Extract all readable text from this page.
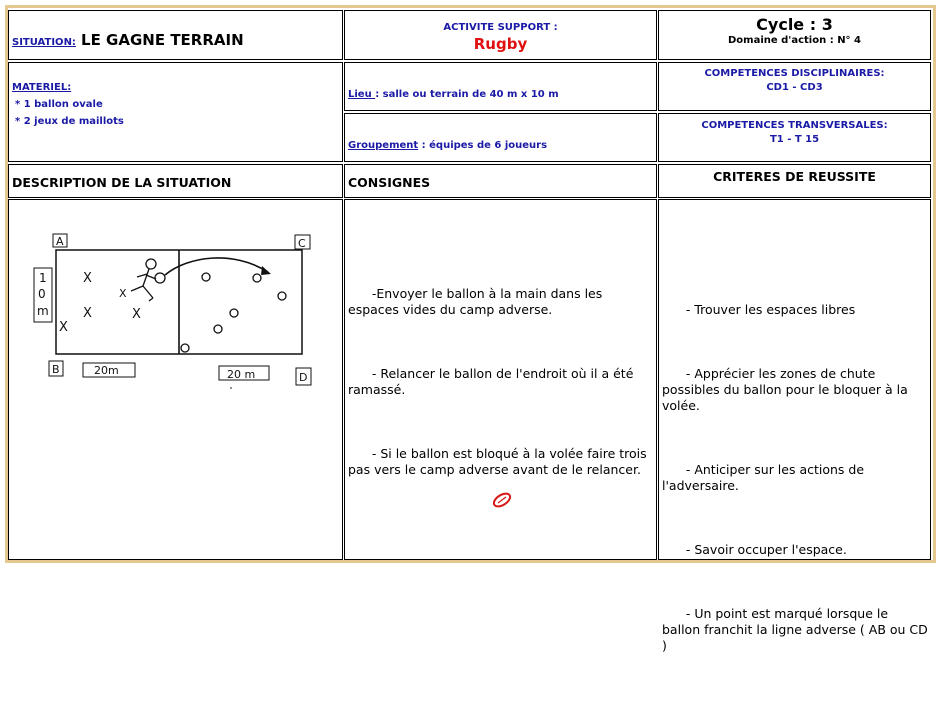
SITUATION: LE GAGNE TERRAIN
ACTIVITE SUPPORT :
Rugby
Cycle : 3
Domaine d'action : N° 4
MATERIEL:
* 1 ballon ovale
* 2 jeux de maillots
Lieu : salle ou terrain de 40 m x 10 m
Groupement : équipes de 6 joueurs
COMPETENCES DISCIPLINAIRES:
CD1 - CD3
COMPETENCES TRANSVERSALES:
T1 - T 15
DESCRIPTION DE LA SITUATION	CONSIGNES	CRITERES DE REUSSITE
A	C
B
D
1
0
m
20m	20 m
X
X	X
X
X

	-Envoyer le ballon à la main dans les espaces vides du camp adverse.

- Relancer le ballon de l'endroit où il a été ramassé.

- Si le ballon est bloqué à la volée faire trois pas vers le camp adverse avant de le relancer.

- Trouver les espaces libres

- Apprécier les zones de chute possibles du ballon pour le bloquer à la volée.

- Anticiper sur les actions de l'adversaire.

- Savoir occuper l'espace.

- Un point est marqué lorsque le ballon franchit la ligne adverse ( AB ou CD )
